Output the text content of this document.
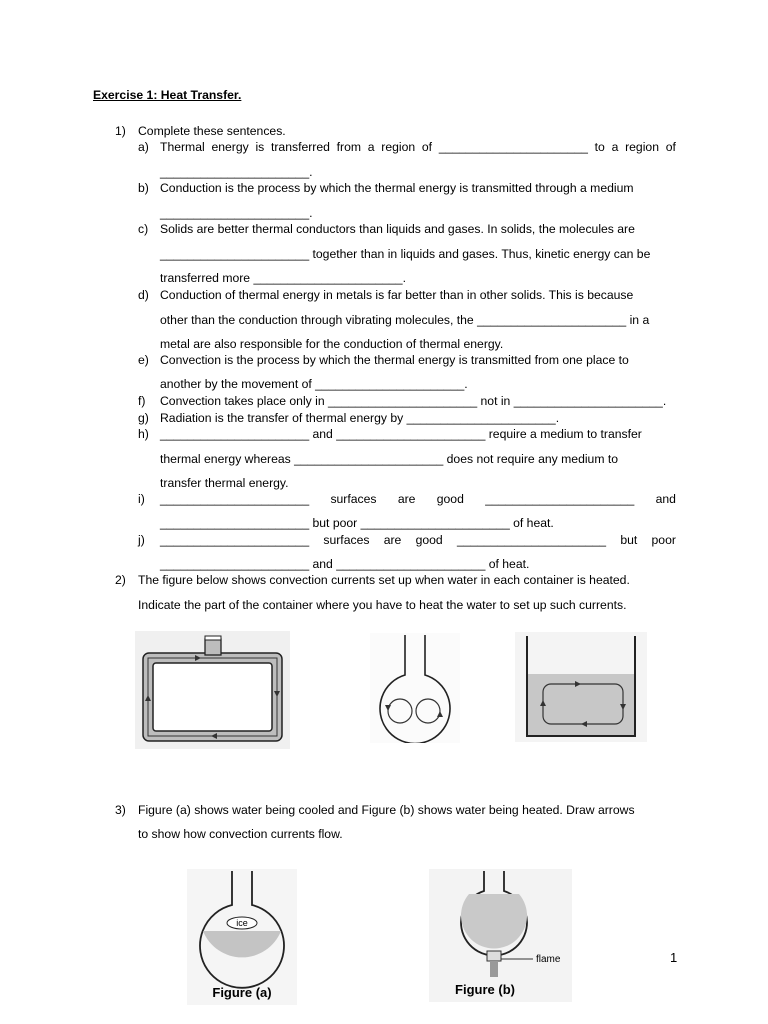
Exercise 1: Heat Transfer.
1) Complete these sentences.
a) Thermal energy is transferred from a region of ______________________ to a region of
______________________.
b) Conduction is the process by which the thermal energy is transmitted through a medium
______________________.
c) Solids are better thermal conductors than liquids and gases. In solids, the molecules are
______________________ together than in liquids and gases. Thus, kinetic energy can be
transferred more ______________________.
d) Conduction of thermal energy in metals is far better than in other solids. This is because
other than the conduction through vibrating molecules, the ______________________ in a
metal are also responsible for the conduction of thermal energy.
e) Convection is the process by which the thermal energy is transmitted from one place to
another by the movement of ______________________.
f) Convection takes place only in ______________________ not in ______________________.
g) Radiation is the transfer of thermal energy by ______________________.
h) ______________________ and ______________________ require a medium to transfer
thermal energy whereas ______________________ does not require any medium to
transfer thermal energy.
i) ______________________ surfaces are good ______________________ and
______________________ but poor ______________________ of heat.
j) ______________________ surfaces are good ______________________ but poor
______________________ and ______________________ of heat.
2) The figure below shows convection currents set up when water in each container is heated.
Indicate the part of the container where you have to heat the water to set up such currents.
3) Figure (a) shows water being cooled and Figure (b) shows water being heated. Draw arrows
to show how convection currents flow.
ice
Figure (a)
flame
Figure (b)
1
